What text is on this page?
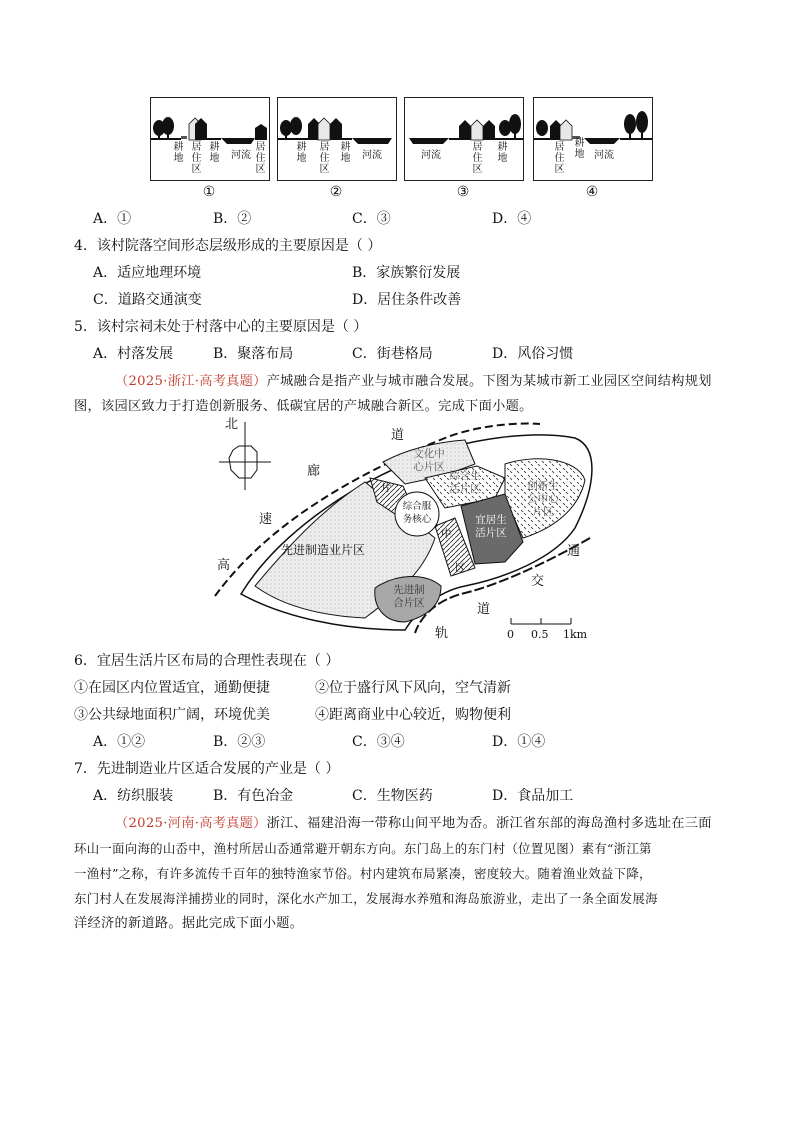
耕
地
居
住
区
耕
地 河流
居
住
区
耕
地
居
住
区
耕
地 河流	河流
居
住
区
耕
地
居
住
区
耕
地 河流
①	②	③	④
A．①	B．②	C．③	D．④
4．该村院落空间形态层级形成的主要原因是（ ）
A．适应地理环境	B．家族繁衍发展
C．道路交通演变	D．居住条件改善
5．该村宗祠未处于村落中心的主要原因是（ ）
A．村落发展	B．聚落布局	C．街巷格局	D．风俗习惯
（2025·浙江·高考真题）产城融合是指产业与城市融合发展。下图为某城市新工业园区空间结构规划
图，该园区致力于打造创新服务、低碳宜居的产城融合新区。完成下面小题。
北
先进制造业片区
文化中
心片区
综合生
活片区	创新生
公中心
片区
综合服
务核心	宜居生
活片区
先进制
合片区
道
廊
速
高
道
通
交
轨
片
中
区
0 0.5 1km
6．宜居生活片区布局的合理性表现在（ ）
①在园区内位置适宜，通勤便捷	②位于盛行风下风向，空气清新
③公共绿地面积广阔，环境优美	④距离商业中心较近，购物便利
A．①②	B．②③	C．③④	D．①④
7．先进制造业片区适合发展的产业是（ ）
A．纺织服装	B．有色冶金	C．生物医药	D．食品加工
（2025·河南·高考真题）浙江、福建沿海一带称山间平地为岙。浙江省东部的海岛渔村多选址在三面
环山一面向海的山岙中，渔村所居山岙通常避开朝东方向。东门岛上的东门村（位置见图）素有“浙江第
一渔村”之称，有许多流传千百年的独特渔家节俗。村内建筑布局紧凑，密度较大。随着渔业效益下降，
东门村人在发展海洋捕捞业的同时，深化水产加工，发展海水养殖和海岛旅游业，走出了一条全面发展海
洋经济的新道路。据此完成下面小题。
